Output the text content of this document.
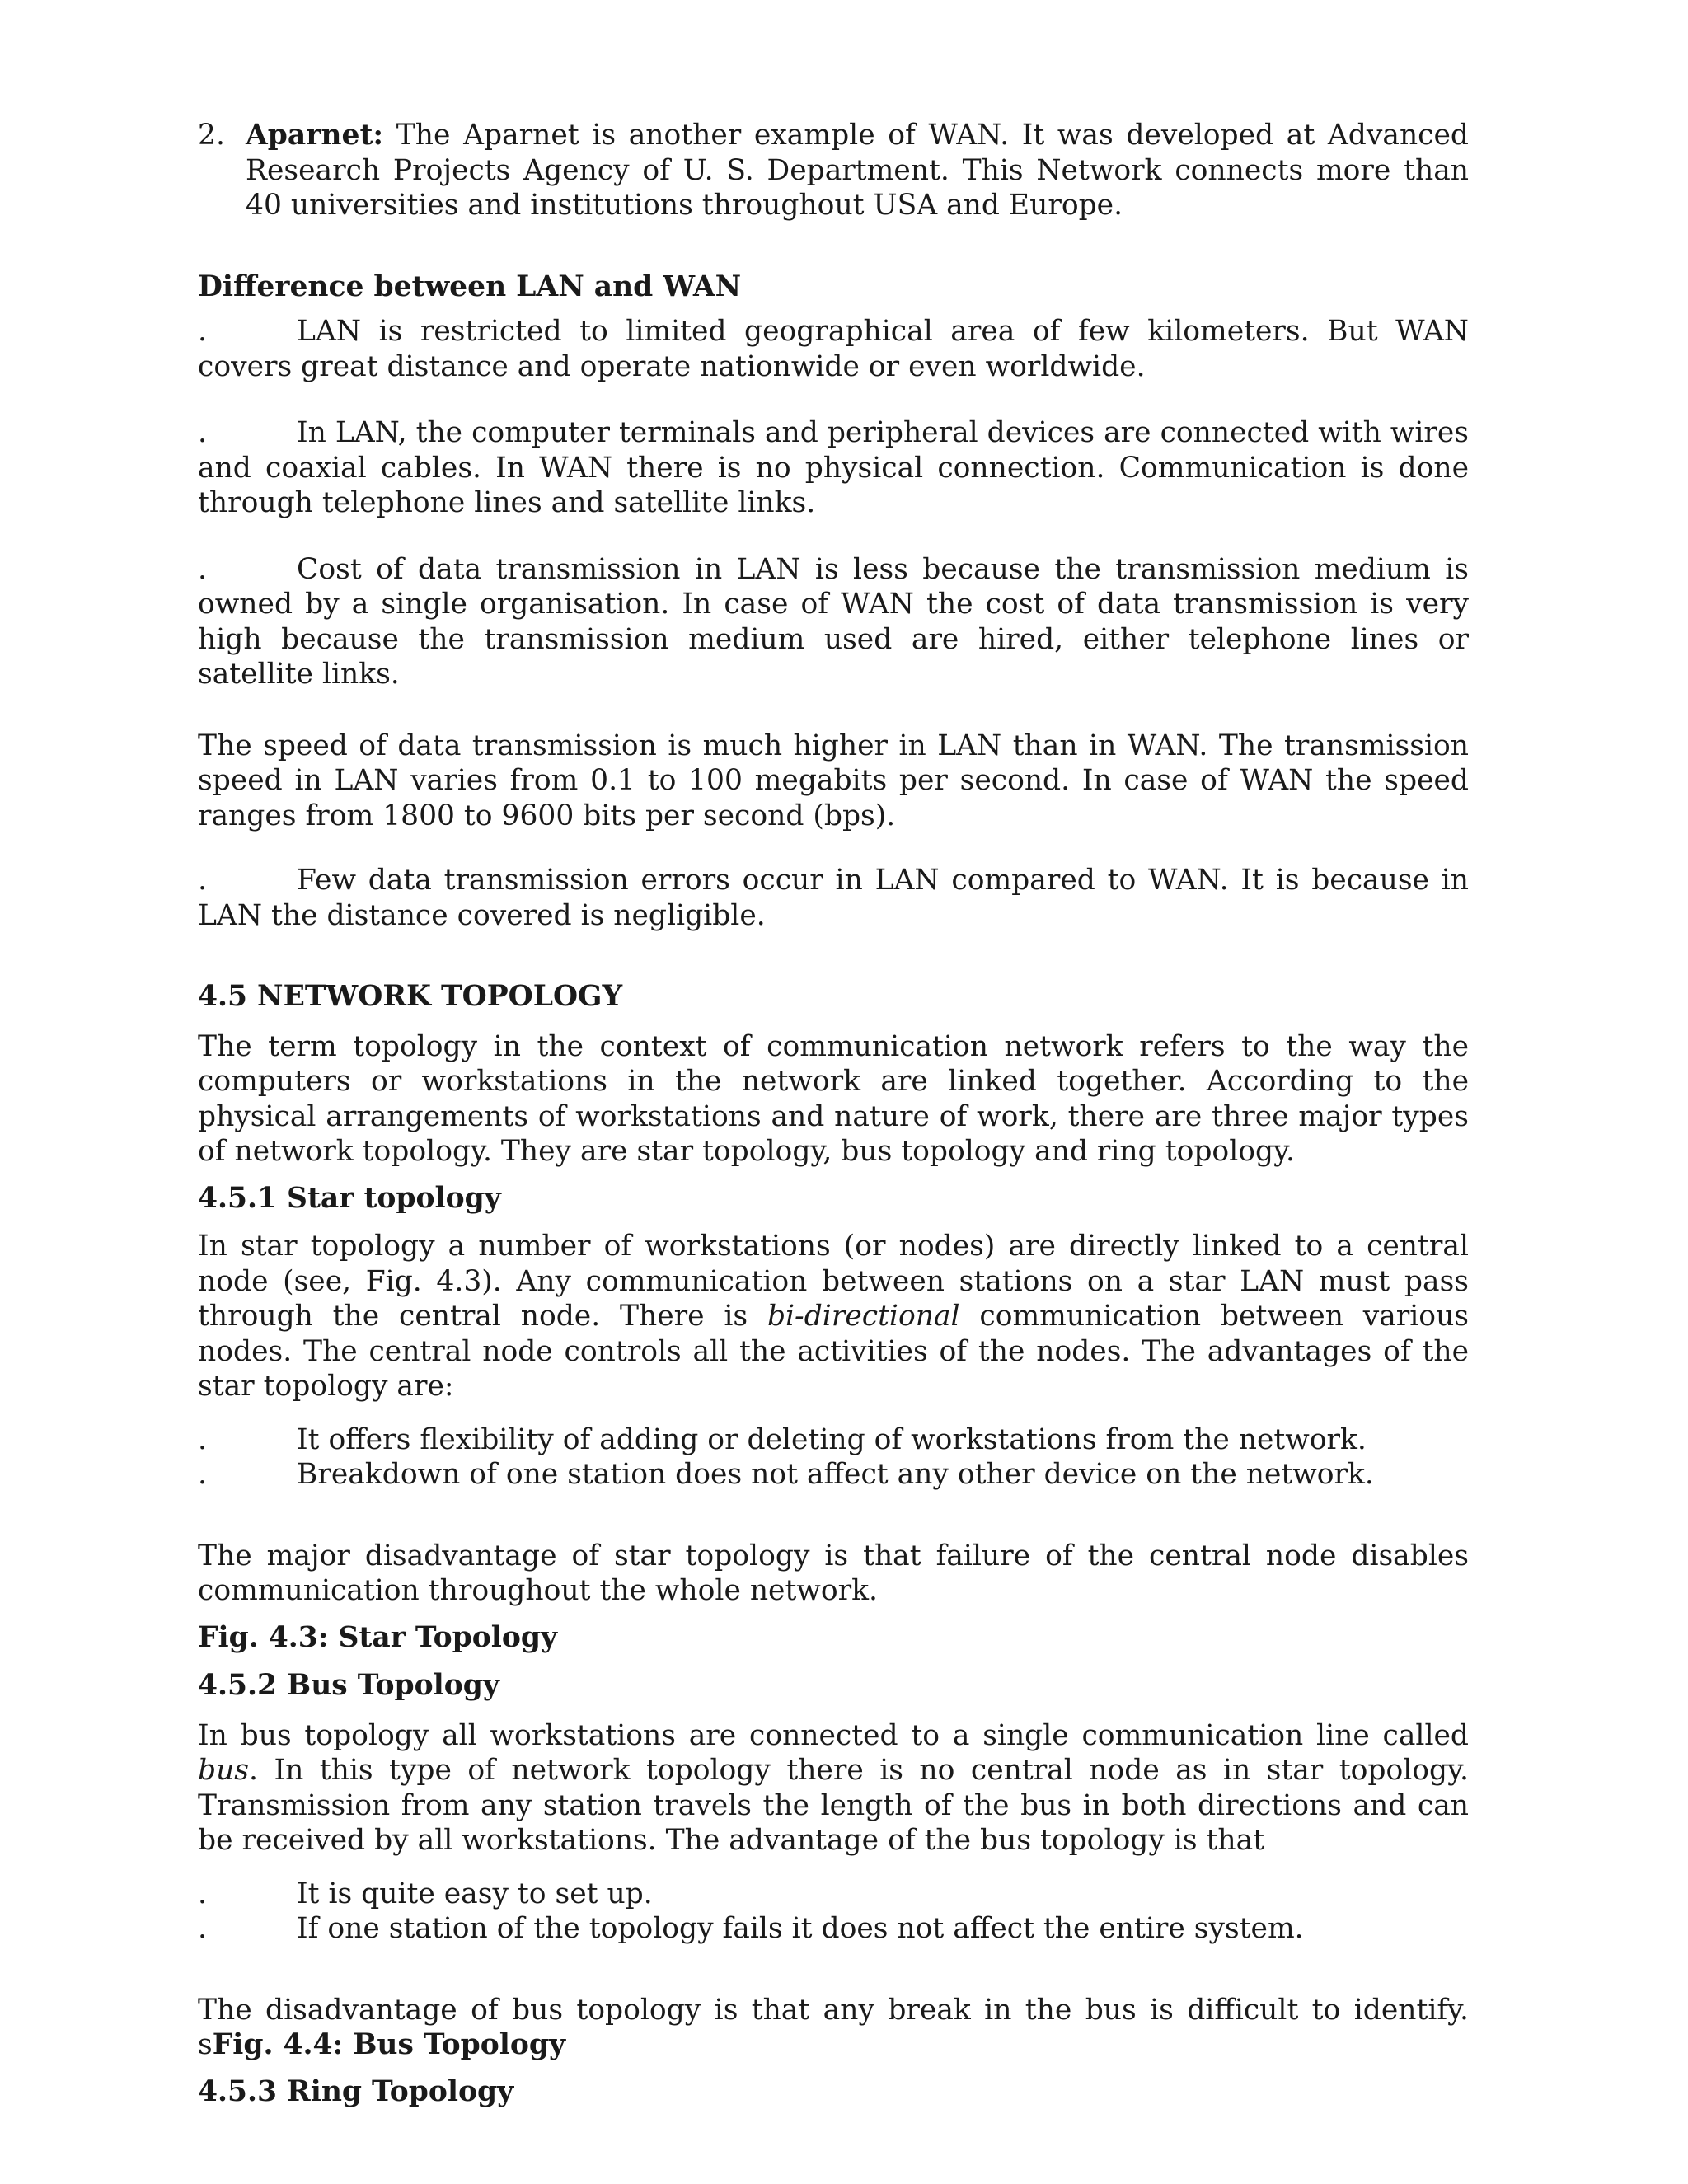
2. Aparnet: The Aparnet is another example of WAN. It was developed at Advanced Research Projects Agency of U. S. Department. This Network connects more than 40 universities and institutions throughout USA and Europe.

Difference between LAN and WAN

.	LAN is restricted to limited geographical area of few kilometers. But WAN covers great distance and operate nationwide or even worldwide.

.	In LAN, the computer terminals and peripheral devices are connected with wires and coaxial cables. In WAN there is no physical connection. Communication is done through telephone lines and satellite links.

.	Cost of data transmission in LAN is less because the transmission medium is owned by a single organisation. In case of WAN the cost of data transmission is very high because the transmission medium used are hired, either telephone lines or satellite links.

The speed of data transmission is much higher in LAN than in WAN. The transmission speed in LAN varies from 0.1 to 100 megabits per second. In case of WAN the speed ranges from 1800 to 9600 bits per second (bps).

.	Few data transmission errors occur in LAN compared to WAN. It is because in LAN the distance covered is negligible.

4.5 NETWORK TOPOLOGY

The term topology in the context of communication network refers to the way the computers or workstations in the network are linked together. According to the physical arrangements of workstations and nature of work, there are three major types of network topology. They are star topology, bus topology and ring topology.

4.5.1 Star topology

In star topology a number of workstations (or nodes) are directly linked to a central node (see, Fig. 4.3). Any communication between stations on a star LAN must pass through the central node. There is bi-directional communication between various nodes. The central node controls all the activities of the nodes. The advantages of the star topology are:

.	It offers flexibility of adding or deleting of workstations from the network.
.	Breakdown of one station does not affect any other device on the network.

The major disadvantage of star topology is that failure of the central node disables communication throughout the whole network.

Fig. 4.3: Star Topology

4.5.2 Bus Topology

In bus topology all workstations are connected to a single communication line called bus. In this type of network topology there is no central node as in star topology. Transmission from any station travels the length of the bus in both directions and can be received by all workstations. The advantage of the bus topology is that

.	It is quite easy to set up.
.	If one station of the topology fails it does not affect the entire system.

The disadvantage of bus topology is that any break in the bus is difficult to identify. sFig. 4.4: Bus Topology

4.5.3 Ring Topology
